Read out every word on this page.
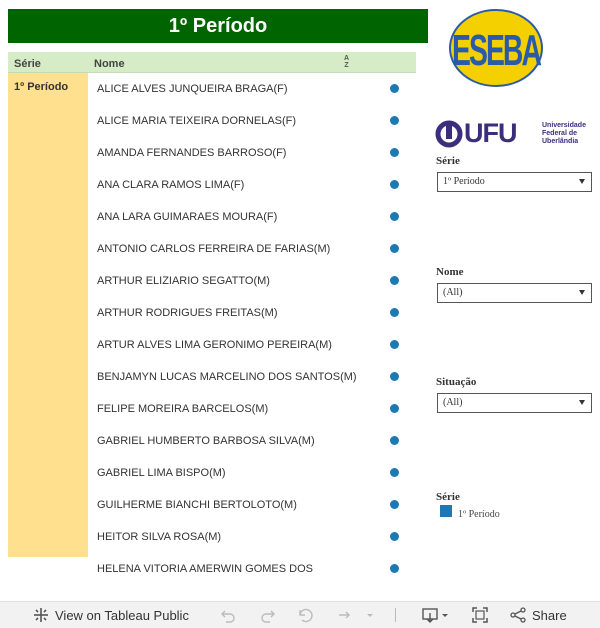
1º Período
Série	Nome	A
Z
1º Período	ALICE ALVES JUNQUEIRA BRAGA(F)
ALICE MARIA TEIXEIRA DORNELAS(F)
AMANDA FERNANDES BARROSO(F)
ANA CLARA RAMOS LIMA(F)
ANA LARA GUIMARAES MOURA(F)
ANTONIO CARLOS FERREIRA DE FARIAS(M)
ARTHUR ELIZIARIO SEGATTO(M)
ARTHUR RODRIGUES FREITAS(M)
ARTUR ALVES LIMA GERONIMO PEREIRA(M)
BENJAMYN LUCAS MARCELINO DOS SANTOS(M)
FELIPE MOREIRA BARCELOS(M)
GABRIEL HUMBERTO BARBOSA SILVA(M)
GABRIEL LIMA BISPO(M)
GUILHERME BIANCHI BERTOLOTO(M)
HEITOR SILVA ROSA(M)
HELENA VITORIA AMERWIN GOMES DOS
ESEBA
UFU	Universidade
Federal de
Uberlândia
Série
1º Período
Nome
(All)
Situação
(All)
Série
1º Período
View on Tableau Public	Share
